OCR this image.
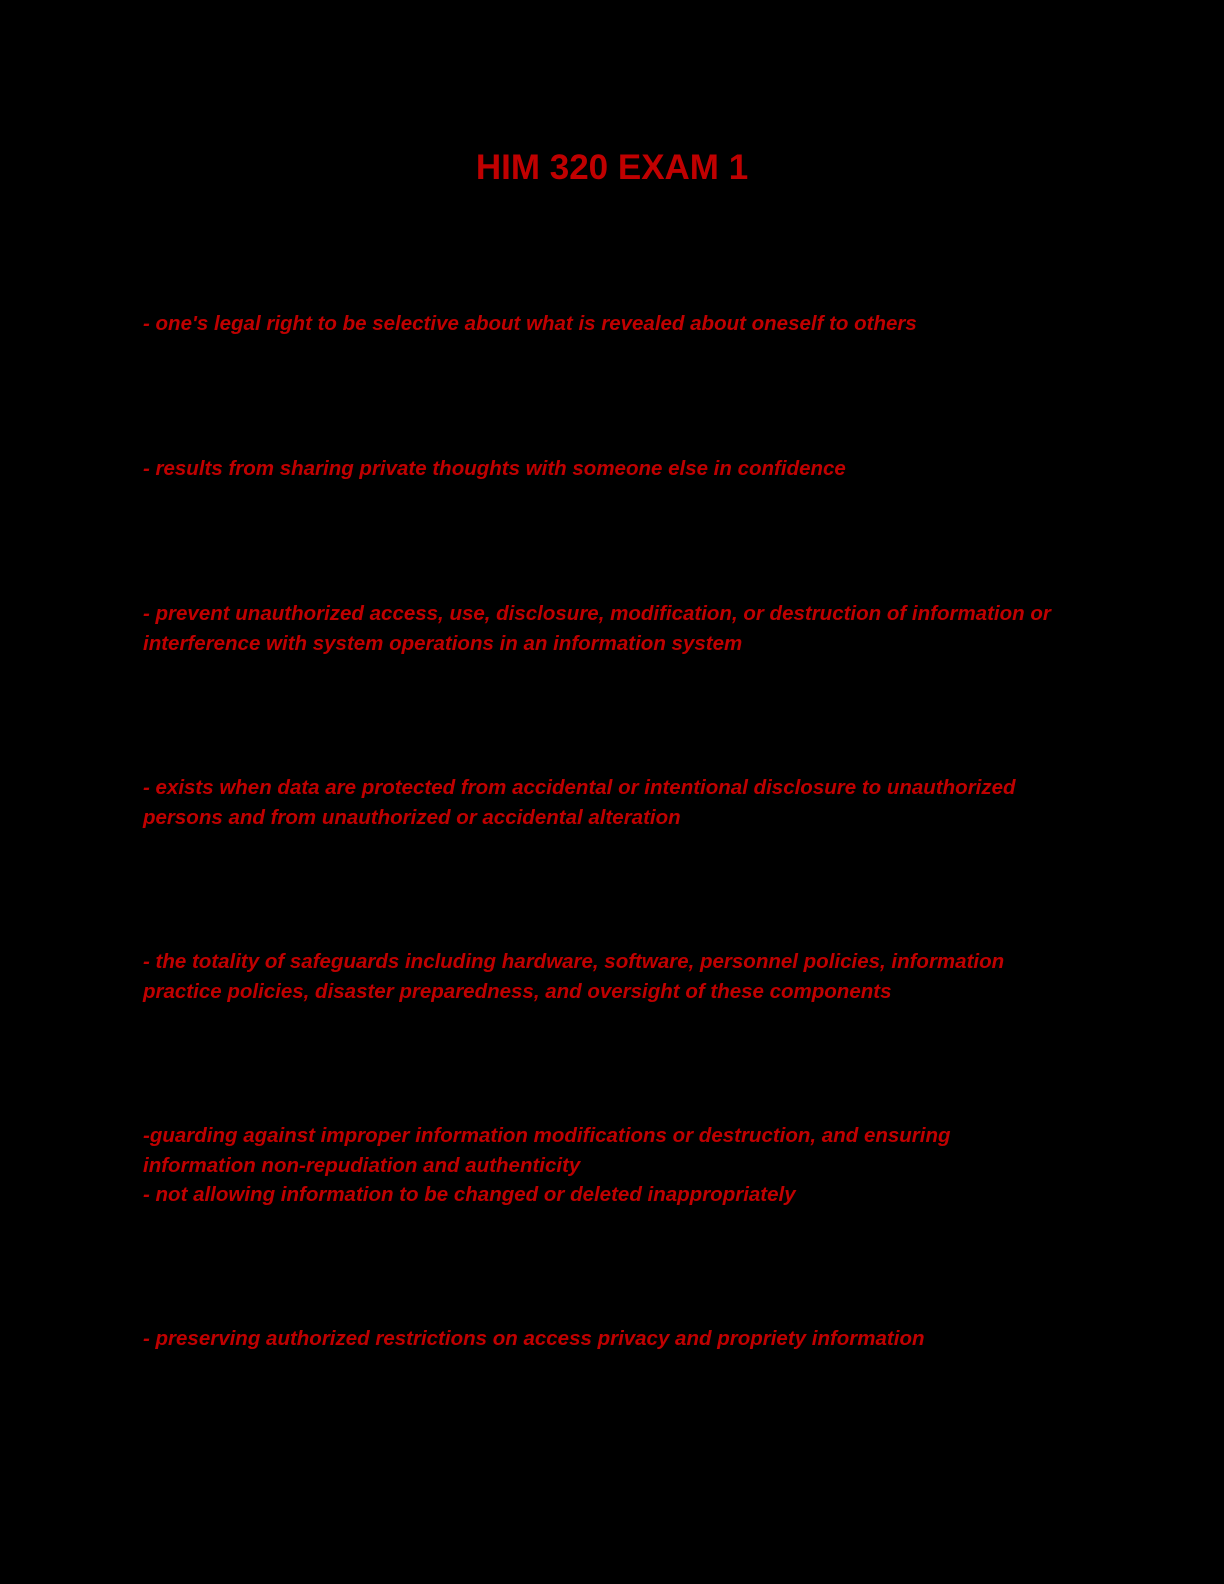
HIM 320 EXAM 1
- one's legal right to be selective about what is revealed about oneself to others
- results from sharing private thoughts with someone else in confidence
- prevent unauthorized access, use, disclosure, modification, or destruction of information or
interference with system operations in an information system
- exists when data are protected from accidental or intentional disclosure to unauthorized
persons and from unauthorized or accidental alteration
- the totality of safeguards including hardware, software, personnel policies, information
practice policies, disaster preparedness, and oversight of these components
-guarding against improper information modifications or destruction, and ensuring
information non-repudiation and authenticity
- not allowing information to be changed or deleted inappropriately
- preserving authorized restrictions on access privacy and propriety information
